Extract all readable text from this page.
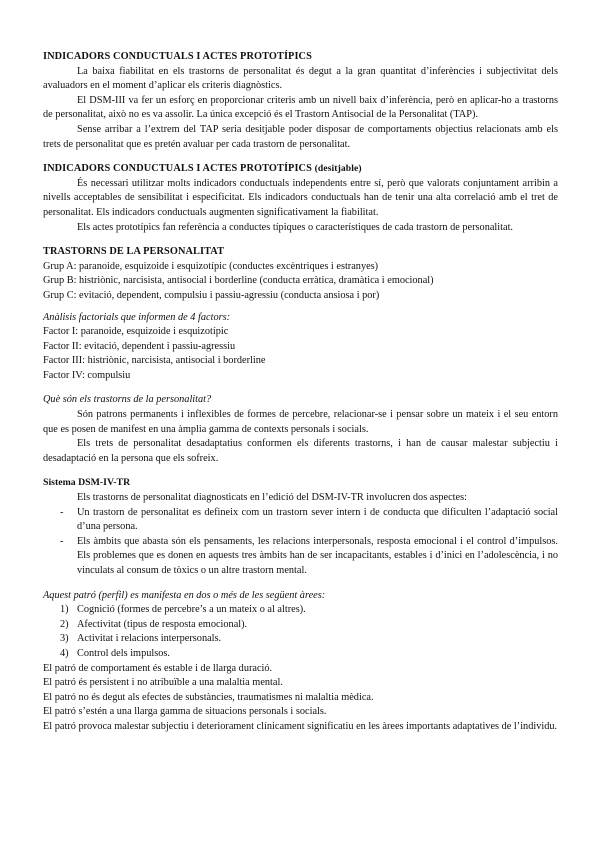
INDICADORS CONDUCTUALS I ACTES PROTOTÍPICS
La baixa fiabilitat en els trastorns de personalitat és degut a la gran quantitat d’inferències i subjectivitat dels avaluadors en el moment d’aplicar els criteris diagnòstics.
El DSM-III va fer un esforç en proporcionar criteris amb un nivell baix d’inferència, però en aplicar-ho a trastorns de personalitat, això no es va assolir. La única excepció és el Trastorn Antisocial de la Personalitat (TAP).
Sense arribar a l’extrem del TAP seria desitjable poder disposar de comportaments objectius relacionats amb els trets de personalitat que es pretén avaluar per cada trastorn de personalitat.
INDICADORS CONDUCTUALS I ACTES PROTOTÍPICS (desitjable)
És necessari utilitzar molts indicadors conductuals independents entre sí, però que valorats conjuntament arribin a nivells acceptables de sensibilitat i especificitat. Els indicadors conductuals han de tenir una alta correlació amb el tret de personalitat. Els indicadors conductuals augmenten significativament la fiabilitat.
Els actes prototípics fan referència a conductes típiques o característiques de cada trastorn de personalitat.
TRASTORNS DE LA PERSONALITAT
Grup A: paranoide, esquizoide i esquizotípic (conductes excèntriques i estranyes)
Grup B: histriònic, narcisista, antisocial i borderline (conducta erràtica, dramàtica i emocional)
Grup C: evitació, dependent, compulsiu i passiu-agressiu (conducta ansiosa i por)
Anàlisis factorials que informen de 4 factors:
Factor I: paranoide, esquizoide i esquizotípic
Factor II: evitació, dependent i passiu-agressiu
Factor III: histriònic, narcisista, antisocial i borderline
Factor IV: compulsiu
Què són els trastorns de la personalitat?
Són patrons permanents i inflexibles de formes de percebre, relacionar-se i pensar sobre un mateix i el seu entorn que es posen de manifest en una àmplia gamma de contexts personals i socials.
Els trets de personalitat desadaptatius conformen els diferents trastorns, i han de causar malestar subjectiu i desadaptació en la persona que els sofreix.
Sistema DSM-IV-TR
Els trastorns de personalitat diagnosticats en l’edició del DSM-IV-TR involucren dos aspectes:
- Un trastorn de personalitat es defineix com un trastorn sever intern i de conducta que dificulten l’adaptació social d’una persona.
- Els àmbits que abasta són els pensaments, les relacions interpersonals, resposta emocional i el control d’impulsos. Els problemes que es donen en aquests tres àmbits han de ser incapacitants, estables i d’inici en l’adolescència, i no vinculats al consum de tòxics o un altre trastorn mental.
Aquest patró (perfil) es manifesta en dos o més de les següent àrees:
1) Cognició (formes de percebre’s a un mateix o al altres).
2) Afectivitat (tipus de resposta emocional).
3) Activitat i relacions interpersonals.
4) Control dels impulsos.
El patró de comportament és estable i de llarga duració.
El patró és persistent i no atribuïble a una malaltia mental.
El patró no és degut als efectes de substàncies, traumatismes ni malaltia mèdica.
El patró s’estén a una llarga gamma de situacions personals i socials.
El patró provoca malestar subjectiu i deteriorament clínicament significatiu en les àrees importants adaptatives de l’individu.
